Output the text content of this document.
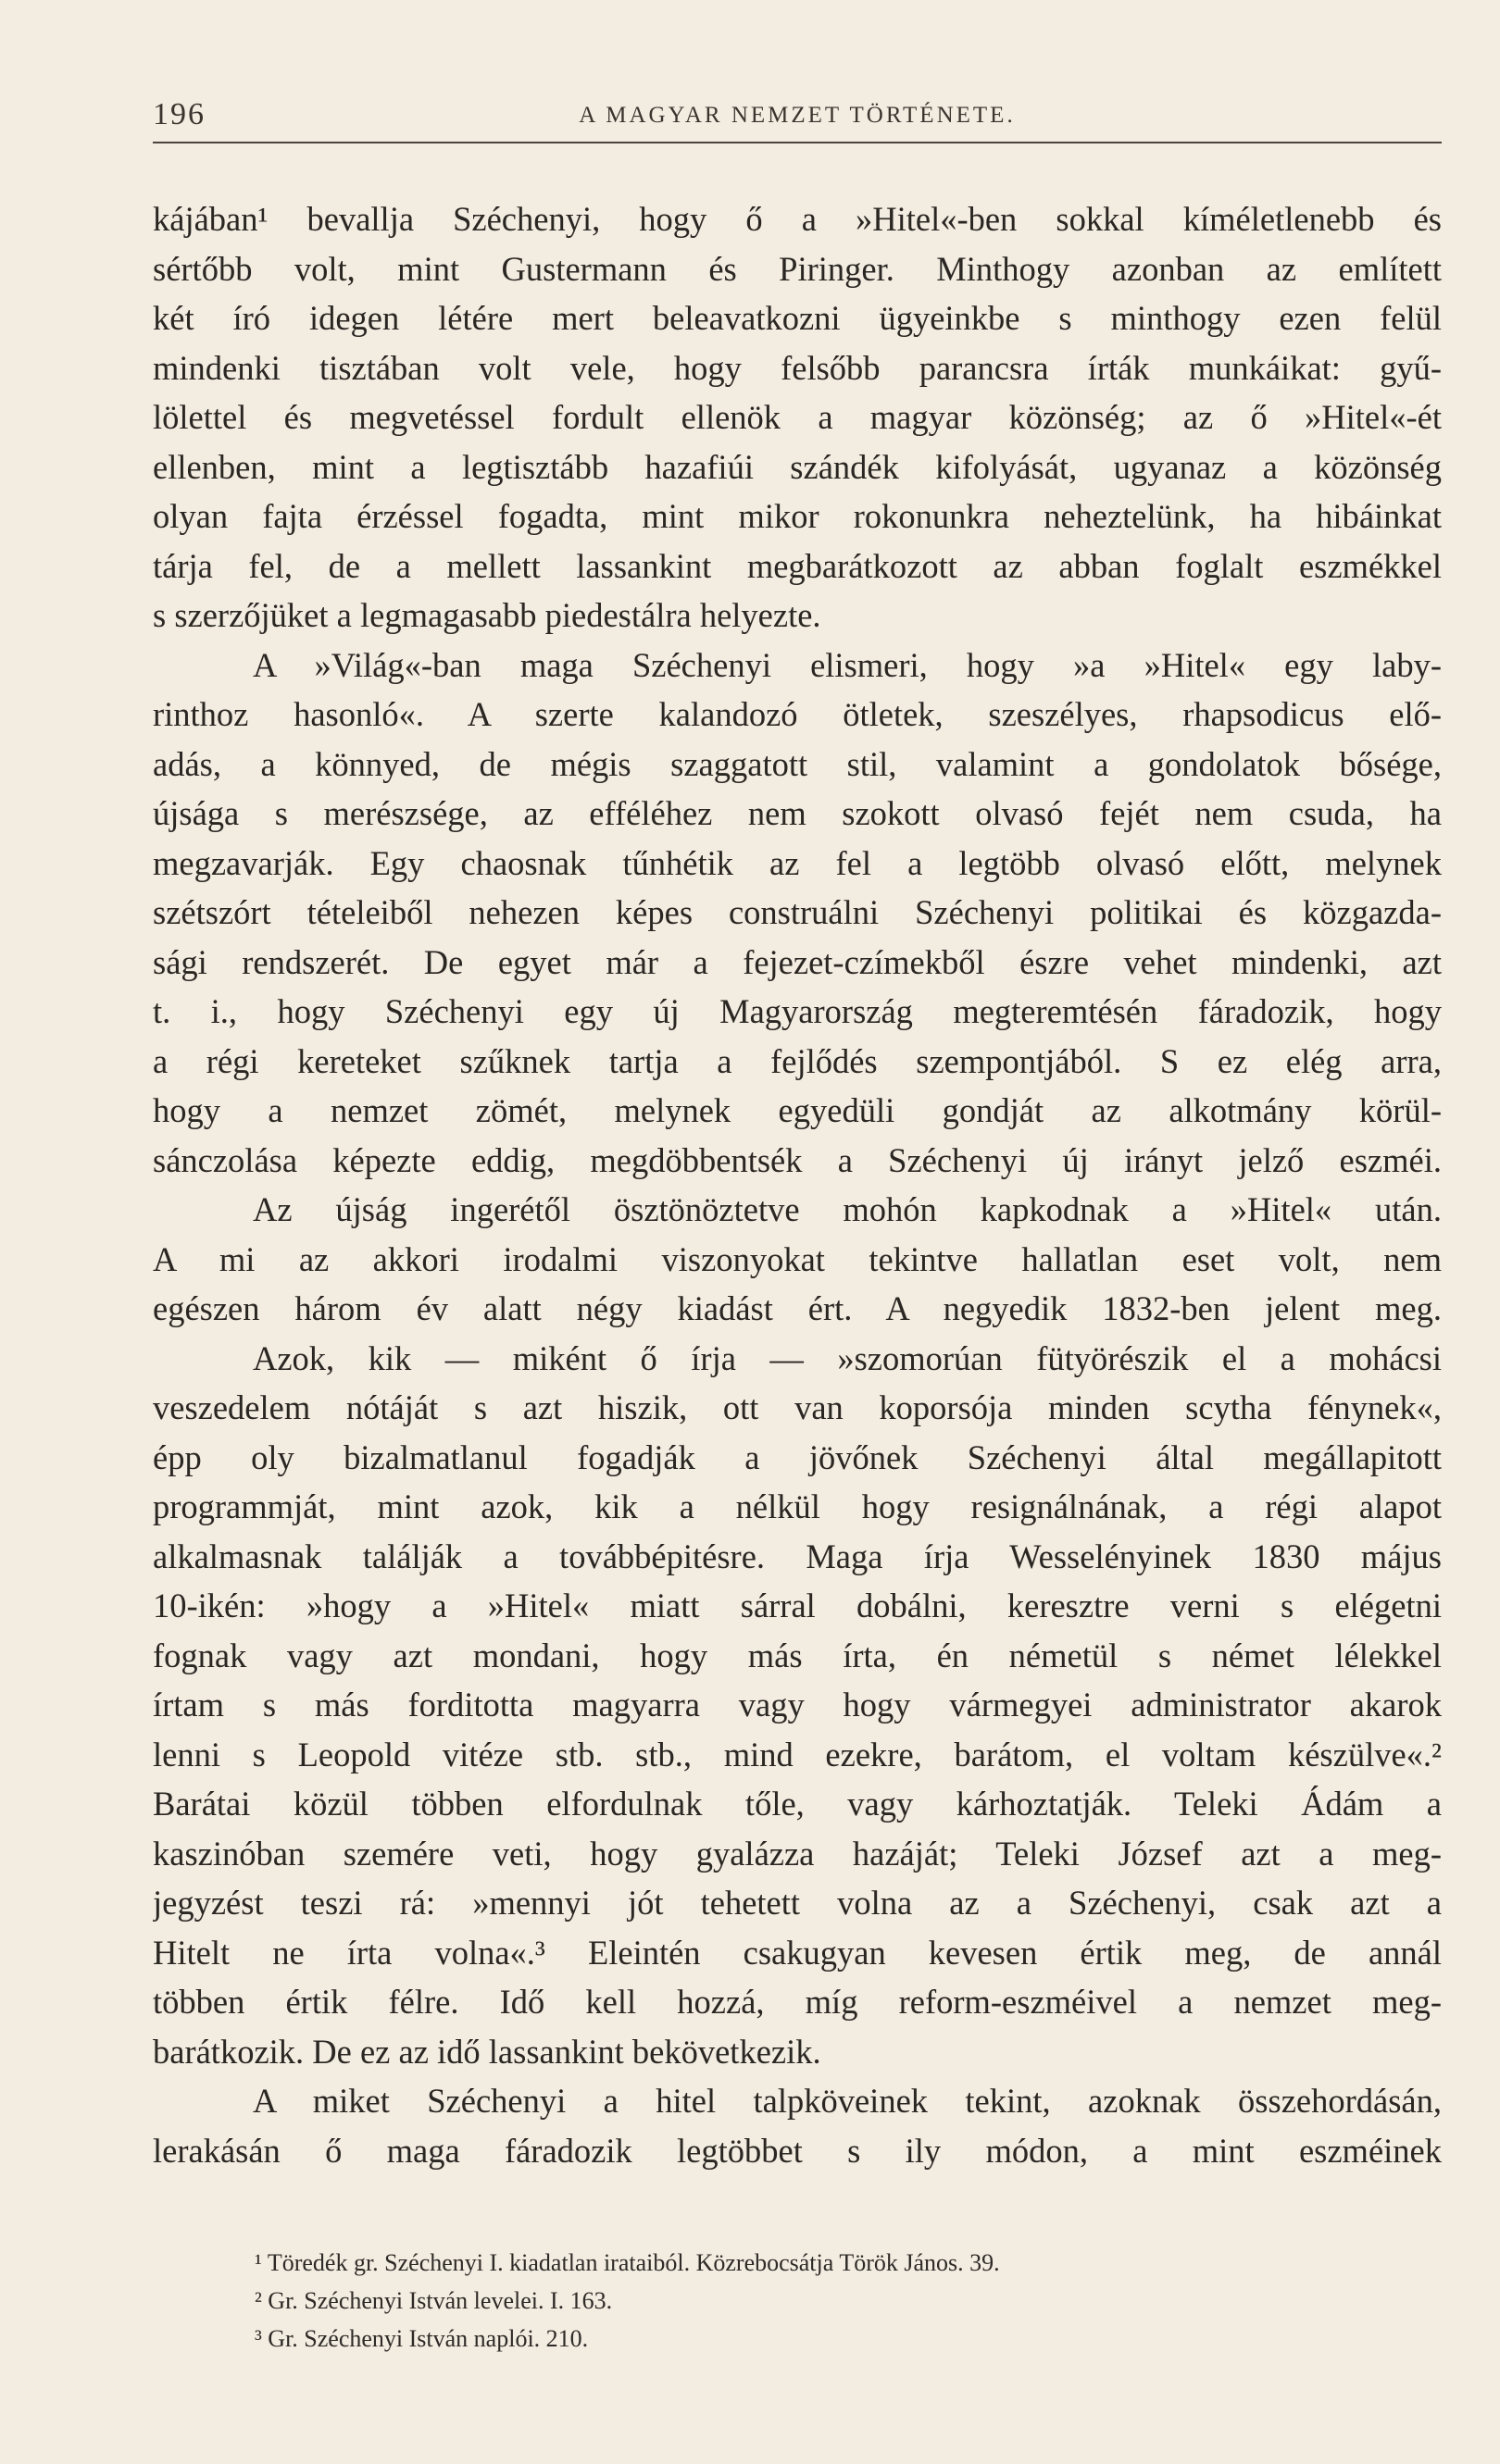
196	A MAGYAR NEMZET TÖRTÉNETE.
kájában¹ bevallja Széchenyi, hogy ő a »Hitel«-ben sokkal kíméletlenebb és
sértőbb volt, mint Gustermann és Piringer. Minthogy azonban az említett
két író idegen létére mert beleavatkozni ügyeinkbe s minthogy ezen felül
mindenki tisztában volt vele, hogy felsőbb parancsra írták munkáikat: gyű-
lölettel és megvetéssel fordult ellenök a magyar közönség; az ő »Hitel«-ét
ellenben, mint a legtisztább hazafiúi szándék kifolyását, ugyanaz a közönség
olyan fajta érzéssel fogadta, mint mikor rokonunkra neheztelünk, ha hibáinkat
tárja fel, de a mellett lassankint megbarátkozott az abban foglalt eszmékkel
s szerzőjüket a legmagasabb piedestálra helyezte.
A »Világ«-ban maga Széchenyi elismeri, hogy »a »Hitel« egy laby-
rinthoz hasonló«. A szerte kalandozó ötletek, szeszélyes, rhapsodicus elő-
adás, a könnyed, de mégis szaggatott stil, valamint a gondolatok bősége,
újsága s merészsége, az efféléhez nem szokott olvasó fejét nem csuda, ha
megzavarják. Egy chaosnak tűnhétik az fel a legtöbb olvasó előtt, melynek
szétszórt tételeiből nehezen képes construálni Széchenyi politikai és közgazda-
sági rendszerét. De egyet már a fejezet-czímekből észre vehet mindenki, azt
t. i., hogy Széchenyi egy új Magyarország megteremtésén fáradozik, hogy
a régi kereteket szűknek tartja a fejlődés szempontjából. S ez elég arra,
hogy a nemzet zömét, melynek egyedüli gondját az alkotmány körül-
sánczolása képezte eddig, megdöbbentsék a Széchenyi új irányt jelző eszméi.
Az újság ingerétől ösztönöztetve mohón kapkodnak a »Hitel« után.
A mi az akkori irodalmi viszonyokat tekintve hallatlan eset volt, nem
egészen három év alatt négy kiadást ért. A negyedik 1832-ben jelent meg.
Azok, kik — miként ő írja — »szomorúan fütyörészik el a mohácsi
veszedelem nótáját s azt hiszik, ott van koporsója minden scytha fénynek«,
épp oly bizalmatlanul fogadják a jövőnek Széchenyi által megállapitott
programmját, mint azok, kik a nélkül hogy resignálnának, a régi alapot
alkalmasnak találják a továbbépitésre. Maga írja Wesselényinek 1830 május
10-ikén: »hogy a »Hitel« miatt sárral dobálni, keresztre verni s elégetni
fognak vagy azt mondani, hogy más írta, én németül s német lélekkel
írtam s más forditotta magyarra vagy hogy vármegyei administrator akarok
lenni s Leopold vitéze stb. stb., mind ezekre, barátom, el voltam készülve«.²
Barátai közül többen elfordulnak tőle, vagy kárhoztatják. Teleki Ádám a
kaszinóban szemére veti, hogy gyalázza hazáját; Teleki József azt a meg-
jegyzést teszi rá: »mennyi jót tehetett volna az a Széchenyi, csak azt a
Hitelt ne írta volna«.³ Eleintén csakugyan kevesen értik meg, de annál
többen értik félre. Idő kell hozzá, míg reform-eszméivel a nemzet meg-
barátkozik. De ez az idő lassankint bekövetkezik.
A miket Széchenyi a hitel talpköveinek tekint, azoknak összehordásán,
lerakásán ő maga fáradozik legtöbbet s ily módon, a mint eszméinek
¹ Töredék gr. Széchenyi I. kiadatlan irataiból. Közrebocsátja Török János. 39.
² Gr. Széchenyi István levelei. I. 163.
³ Gr. Széchenyi István naplói. 210.
